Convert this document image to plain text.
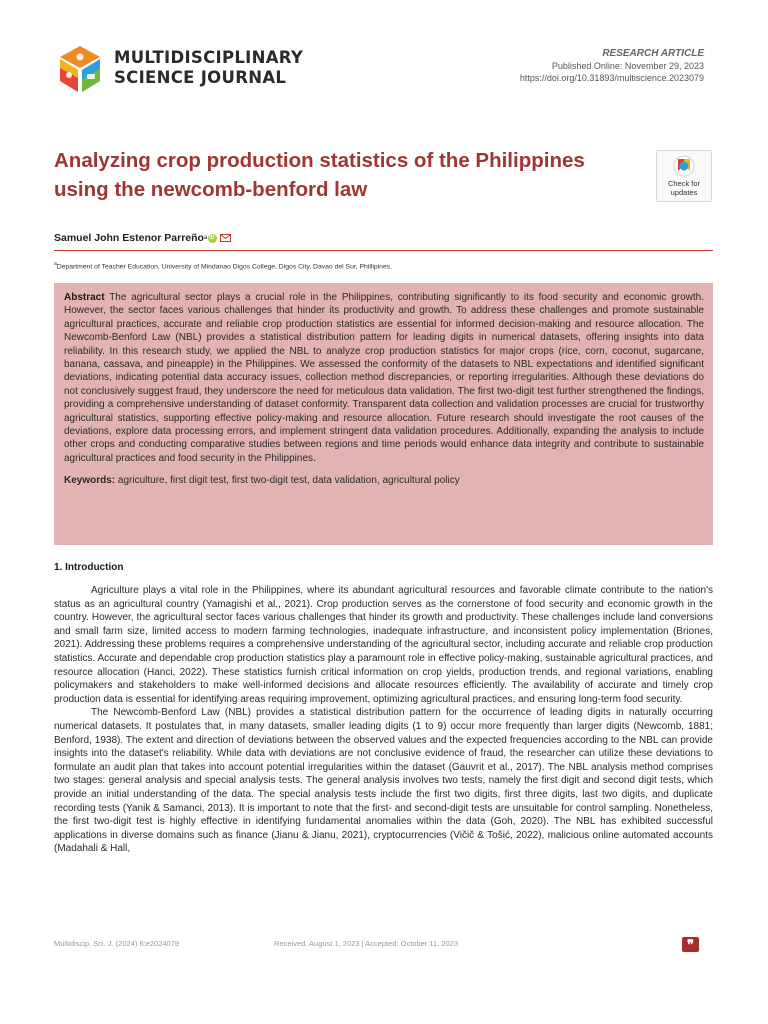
MULTIDISCIPLINARY
SCIENCE JOURNAL
RESEARCH ARTICLE
Published Online: November 29, 2023
https://doi.org/10.31893/multiscience.2023079
Analyzing crop production statistics of the Philippines using the newcomb-benford law	Check for
updates
Samuel John Estenor Parreño a
iD
$^a$Department of Teacher Education, University of Mindanao Digos College, Digos City, Davao del Sur, Phillipines.

Abstract The agricultural sector plays a crucial role in the Philippines, contributing significantly to its food security and economic growth. However, the sector faces various challenges that hinder its productivity and growth. To address these challenges and promote sustainable agricultural practices, accurate and reliable crop production statistics are essential for informed decision-making and resource allocation. The Newcomb-Benford Law (NBL) provides a statistical distribution pattern for leading digits in numerical datasets, offering insights into data reliability. In this research study, we applied the NBL to analyze crop production statistics for major crops (rice, corn, coconut, sugarcane, banana, cassava, and pineapple) in the Philippines. We assessed the conformity of the datasets to NBL expectations and identified significant deviations, indicating potential data accuracy issues, collection method discrepancies, or reporting irregularities. Although these deviations do not conclusively suggest fraud, they underscore the need for meticulous data validation. The first two-digit test further strengthened the findings, providing a comprehensive understanding of dataset conformity. Transparent data collection and validation processes are crucial for trustworthy agricultural statistics, supporting effective policy-making and resource allocation. Future research should investigate the root causes of the deviations, explore data processing errors, and implement stringent data validation procedures. Additionally, expanding the analysis to include other crops and conducting comparative studies between regions and time periods would enhance data integrity and contribute to sustainable agricultural practices and food security in the Philippines.

Keywords: agriculture, first digit test, first two-digit test, data validation, agricultural policy
1. Introduction

Agriculture plays a vital role in the Philippines, where its abundant agricultural resources and favorable climate contribute to the nation's status as an agricultural country (Yamagishi et al., 2021). Crop production serves as the cornerstone of food security and economic growth in the country. However, the agricultural sector faces various challenges that hinder its growth and productivity. These challenges include land conversions and small farm size, limited access to modern farming technologies, inadequate infrastructure, and inconsistent policy implementation (Briones, 2021). Addressing these problems requires a comprehensive understanding of the agricultural sector, including accurate and reliable crop production statistics. Accurate and dependable crop production statistics play a paramount role in effective policy-making, sustainable agricultural practices, and resource allocation (Hanci, 2022). These statistics furnish critical information on crop yields, production trends, and regional variations, enabling policymakers and stakeholders to make well-informed decisions and allocate resources efficiently. The availability of accurate and timely crop production data is essential for identifying areas requiring improvement, optimizing agricultural practices, and ensuring long-term food security.

The Newcomb-Benford Law (NBL) provides a statistical distribution pattern for the occurrence of leading digits in naturally occurring numerical datasets. It postulates that, in many datasets, smaller leading digits (1 to 9) occur more frequently than larger digits (Newcomb, 1881; Benford, 1938). The extent and direction of deviations between the observed values and the expected frequencies according to the NBL can provide insights into the dataset's reliability. While data with deviations are not conclusive evidence of fraud, the researcher can utilize these deviations to formulate an audit plan that takes into account potential irregularities within the dataset (Gauvrit et al., 2017). The NBL analysis method comprises two stages: general analysis and special analysis tests. The general analysis involves two tests, namely the first digit and second digit tests, which provide an initial understanding of the data. The special analysis tests include the first two digits, first three digits, last two digits, and duplicate recording tests (Yanik & Samanci, 2013). It is important to note that the first- and second-digit tests are unsuitable for control sampling. Nonetheless, the first two-digit test is highly effective in identifying fundamental anomalies within the data (Goh, 2020). The NBL has exhibited successful applications in diverse domains such as finance (Jianu & Jianu, 2021), cryptocurrencies (Vičič & Tošić, 2022), malicious online automated accounts (Madahali & Hall,

Multidiscip. Sci. J. (2024) 6:e2024079	Received: August 1, 2023 | Accepted: October 11, 2023	❞
